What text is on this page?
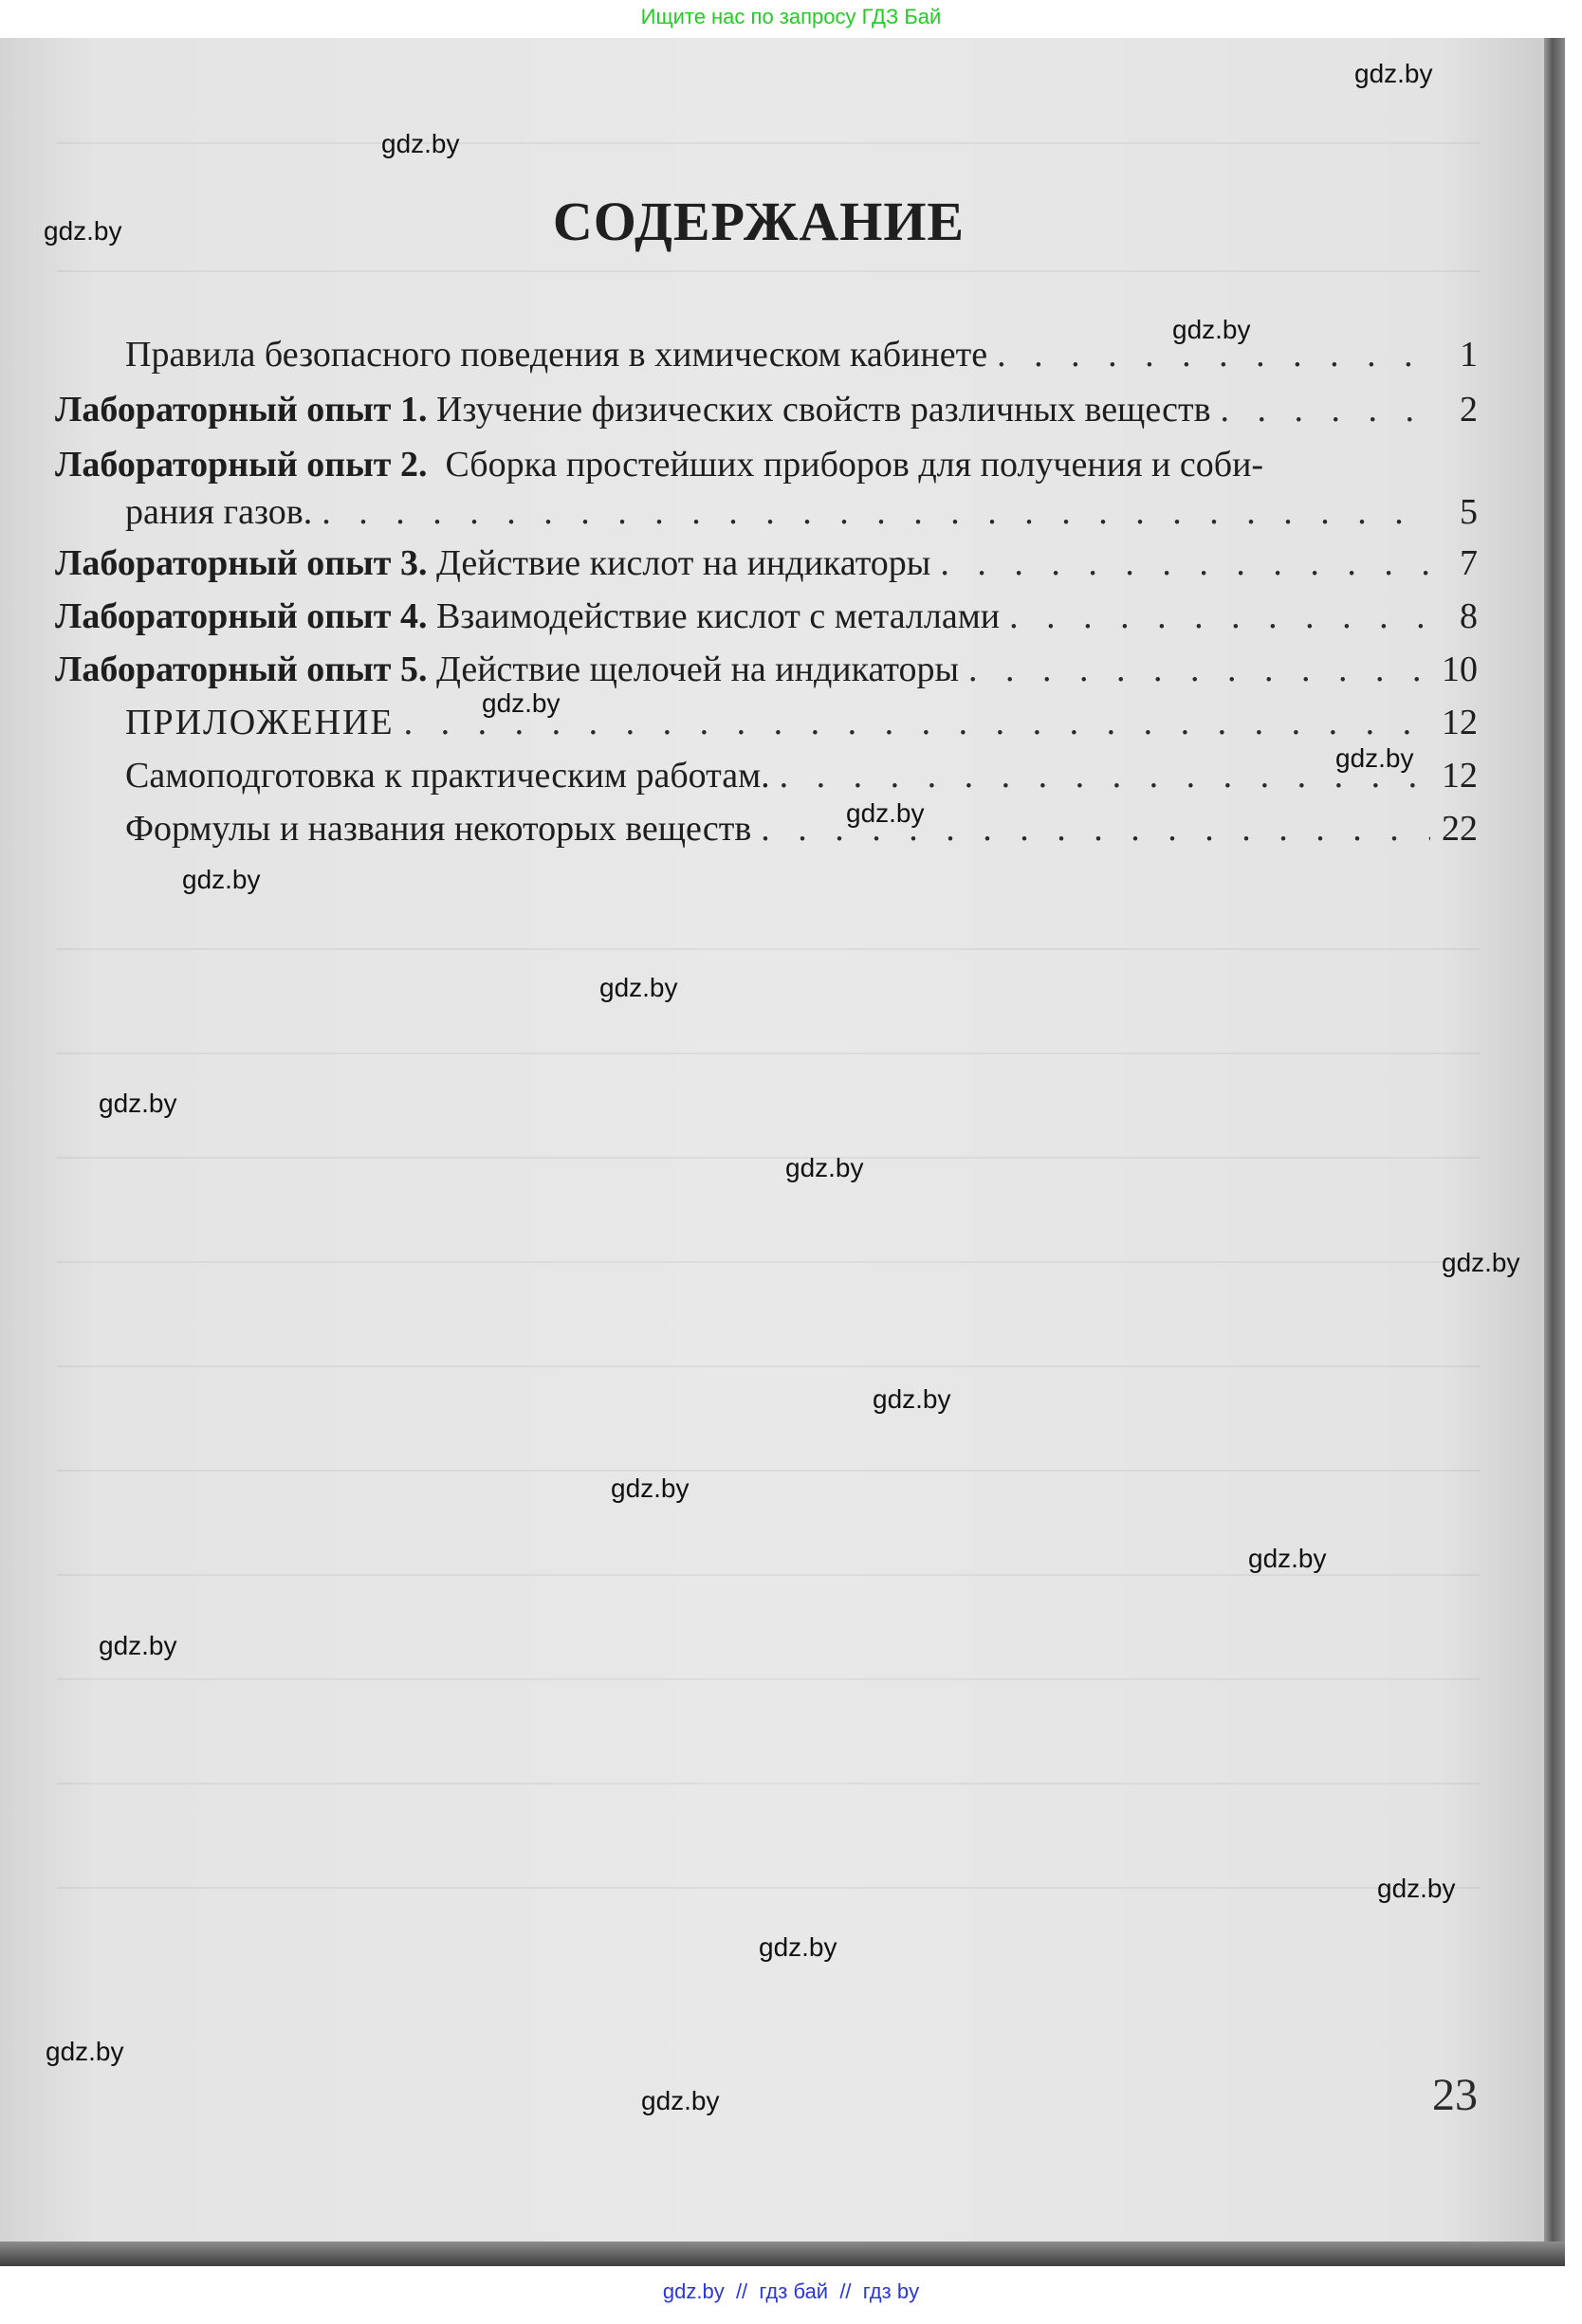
Ищите нас по запросу ГДЗ Бай
СОДЕРЖАНИЕ
Правила безопасного поведения в химическом кабинете . . .	1
Лабораторный опыт 1. Изучение физических свойств различных веществ . . .	2
Лабораторный опыт 2.  Сборка простейших приборов для получения и соби-
рания газов. . . .	5
Лабораторный опыт 3. Действие кислот на индикаторы . . .	7
Лабораторный опыт 4. Взаимодействие кислот с металлами . . .	8
Лабораторный опыт 5. Действие щелочей на индикаторы . . .	10
ПРИЛОЖЕНИЕ . . .	12
Самоподготовка к практическим работам. . . .	12
Формулы и названия некоторых веществ . . .	22
23
gdz.by
gdz.by
gdz.by
gdz.by
gdz.by
gdz.by
gdz.by
gdz.by
gdz.by
gdz.by
gdz.by
gdz.by
gdz.by
gdz.by
gdz.by
gdz.by
gdz.by
gdz.by
gdz.by
gdz.by
gdz.by  //  гдз бай  //  гдз by
